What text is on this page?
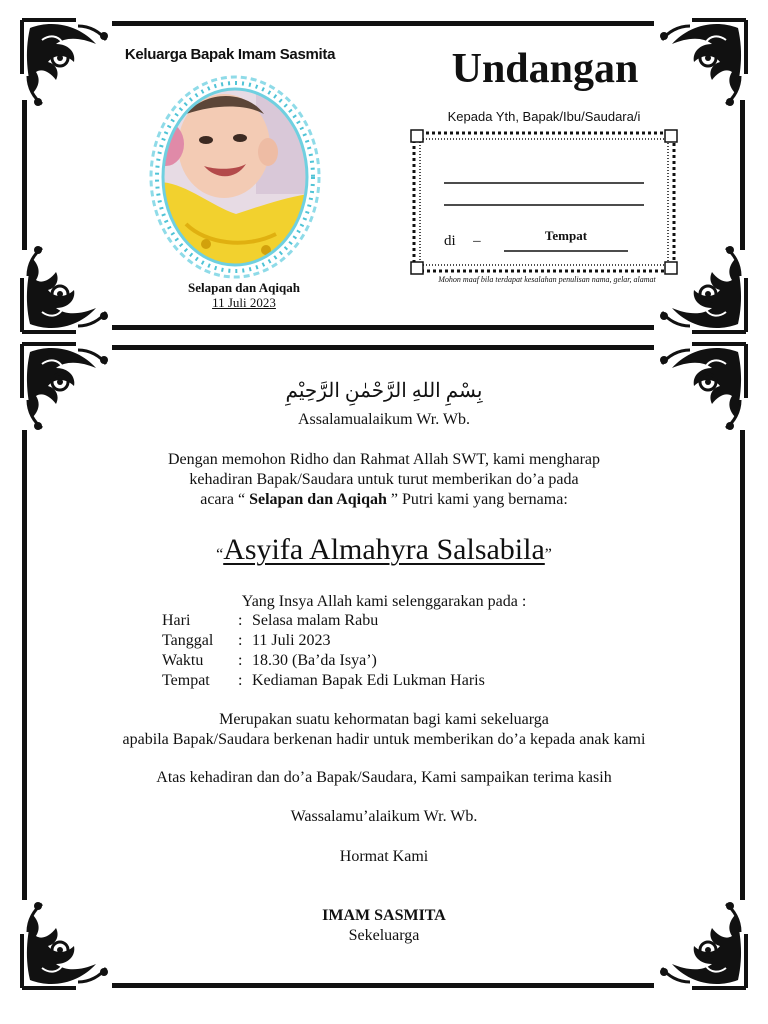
Keluarga Bapak Imam Sasmita
Selapan dan Aqiqah
11 Juli 2023
Undangan
Kepada Yth, Bapak/Ibu/Saudara/i
di –	Tempat
Mohon maaf bila terdapat kesalahan penulisan nama, gelar, alamat
بِسْمِ اللهِ الرَّحْمٰنِ الرَّحِيْمِ
Assalamualaikum Wr. Wb.
Dengan memohon Ridho dan Rahmat Allah SWT, kami mengharap
kehadiran Bapak/Saudara untuk turut memberikan do’a pada
acara “ Selapan dan Aqiqah ” Putri kami yang bernama:
“Asyifa Almahyra Salsabila”
Yang Insya Allah kami selenggarakan pada :
Hari	: Selasa malam Rabu
Tanggal : 11 Juli 2023
Waktu : 18.30 (Ba’da Isya’)
Tempat : Kediaman Bapak Edi Lukman Haris
Merupakan suatu kehormatan bagi kami sekeluarga
apabila Bapak/Saudara berkenan hadir untuk memberikan do’a kepada anak kami
Atas kehadiran dan do’a Bapak/Saudara, Kami sampaikan terima kasih
Wassalamu’alaikum Wr. Wb.
Hormat Kami
IMAM SASMITA
Sekeluarga
